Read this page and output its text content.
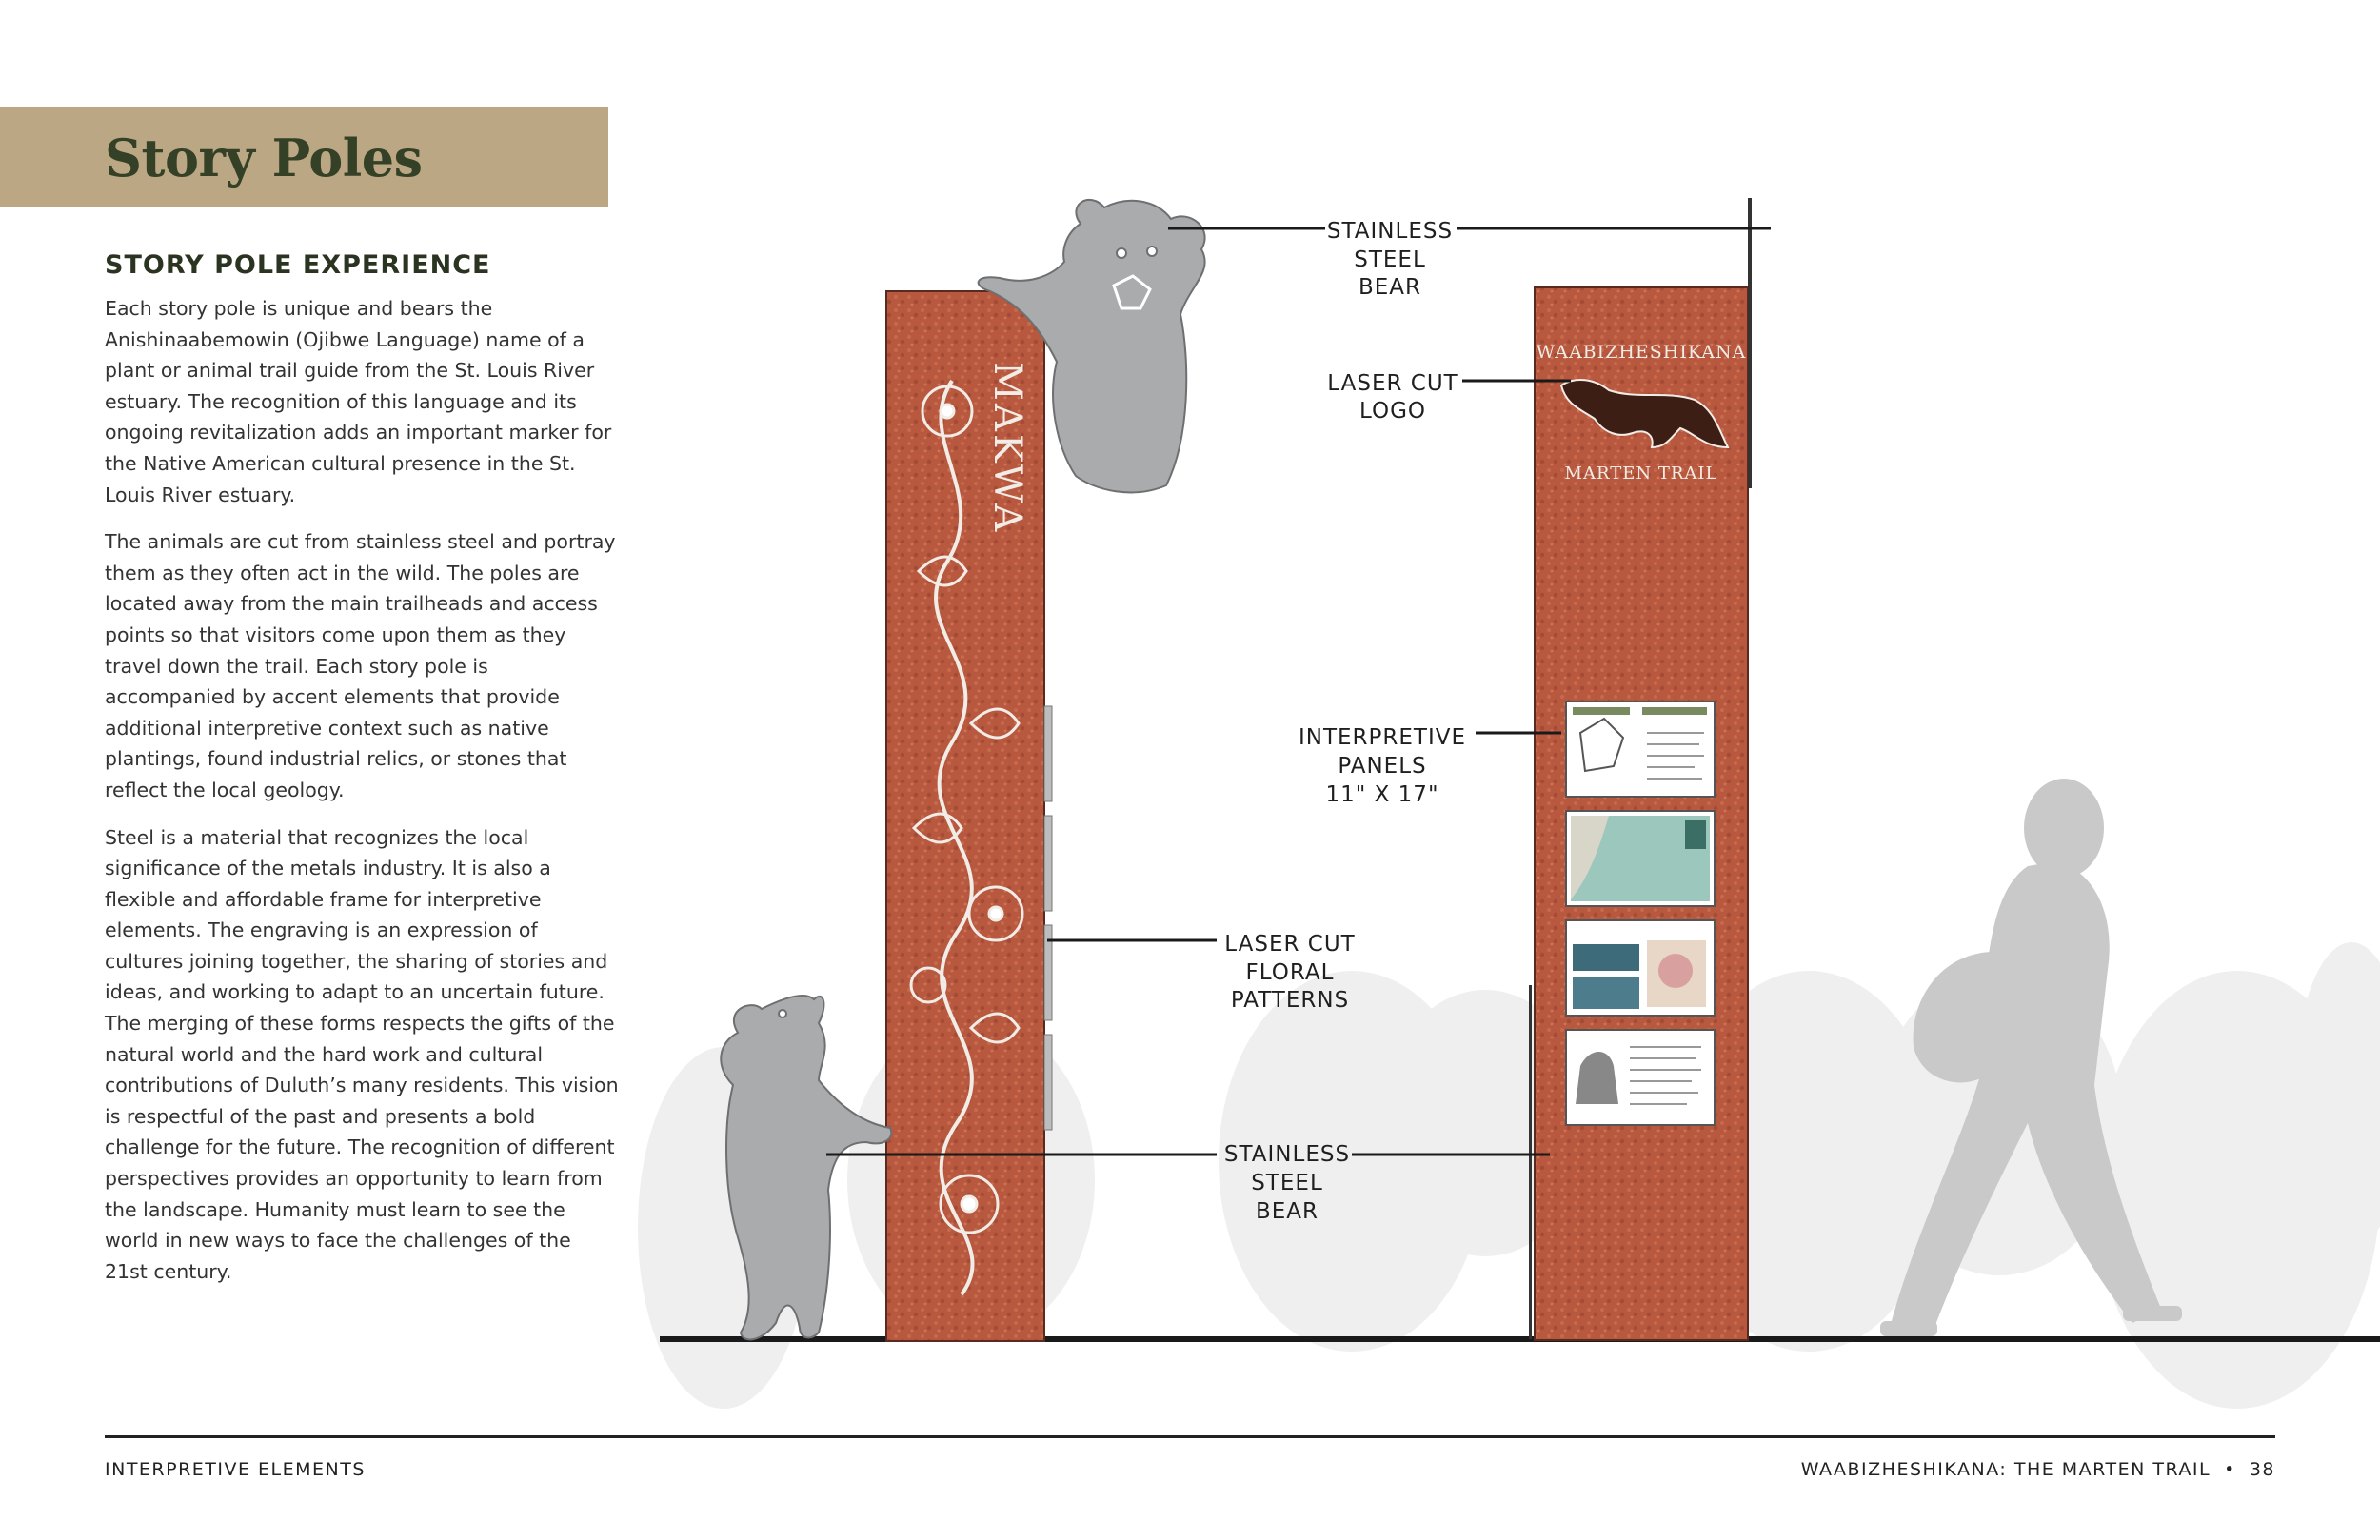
Story Poles
STORY POLE EXPERIENCE

Each story pole is unique and bears the Anishinaabemowin (Ojibwe Language) name of a plant or animal trail guide from the St. Louis River estuary. The recognition of this language and its ongoing revitalization adds an important marker for the Native American cultural presence in the St. Louis River estuary.

The animals are cut from stainless steel and portray them as they often act in the wild. The poles are located away from the main trailheads and access points so that visitors come upon them as they travel down the trail. Each story pole is accompanied by accent elements that provide additional interpretive context such as native plantings, found industrial relics, or stones that reflect the local geology.

Steel is a material that recognizes the local significance of the metals industry. It is also a flexible and affordable frame for interpretive elements. The engraving is an expression of cultures joining together, the sharing of stories and ideas, and working to adapt to an uncertain future. The merging of these forms respects the gifts of the natural world and the hard work and cultural contributions of Duluth’s many residents. This vision is respectful of the past and presents a bold challenge for the future. The recognition of different perspectives provides an opportunity to learn from the landscape. Humanity must learn to see the world in new ways to face the challenges of the 21st century.

MAKWA
WAABIZHESHIKANA
MARTEN TRAIL
STAINLESS
STEEL
BEAR
LASER CUT
LOGO
INTERPRETIVE
PANELS
11" X 17"
LASER CUT
FLORAL
PATTERNS
STAINLESS
STEEL
BEAR
INTERPRETIVE ELEMENTS	WAABIZHESHIKANA: THE MARTEN TRAIL • 38
